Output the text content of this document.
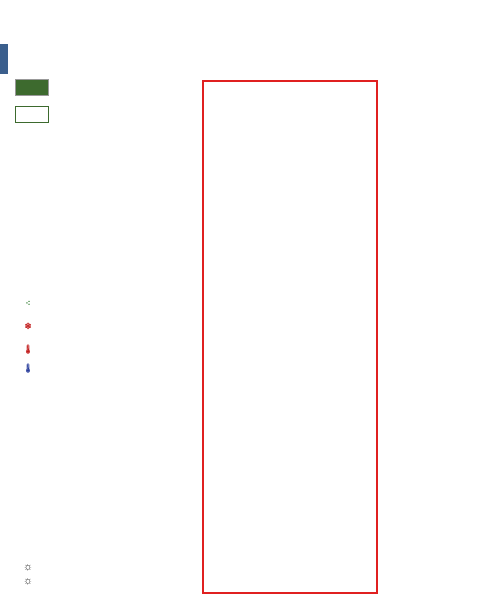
⁖

❄

🌡

🌡

☼
☼
